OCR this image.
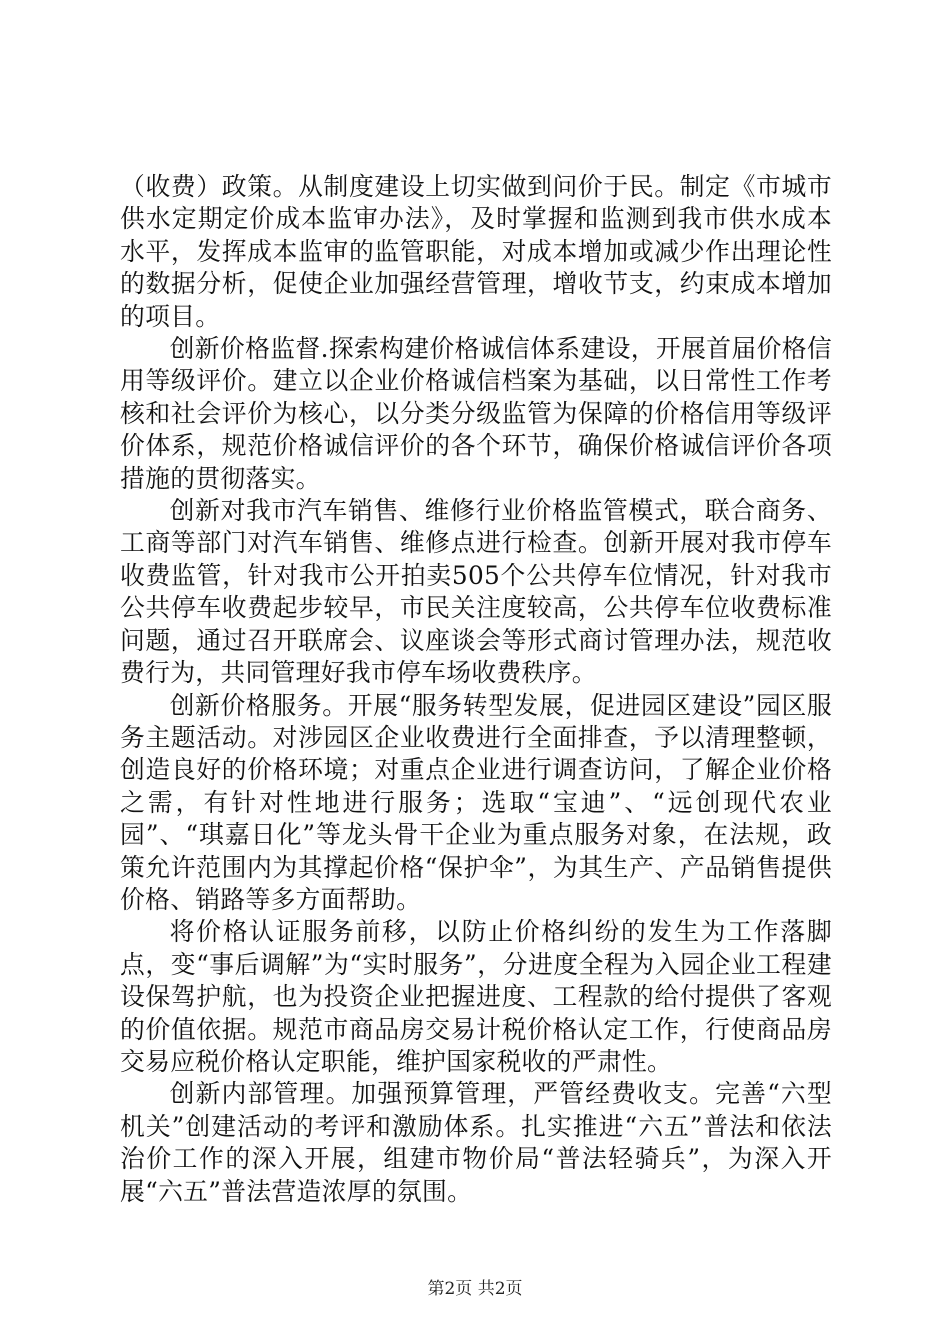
（收费）政策。从制度建设上切实做到问价于民。制定《市城市供水定期定价成本监审办法》，及时掌握和监测到我市供水成本水平，发挥成本监审的监管职能，对成本增加或减少作出理论性的数据分析，促使企业加强经营管理，增收节支，约束成本增加的项目。

创新价格监督.探索构建价格诚信体系建设，开展首届价格信用等级评价。建立以企业价格诚信档案为基础，以日常性工作考核和社会评价为核心，以分类分级监管为保障的价格信用等级评价体系，规范价格诚信评价的各个环节，确保价格诚信评价各项措施的贯彻落实。

创新对我市汽车销售、维修行业价格监管模式，联合商务、工商等部门对汽车销售、维修点进行检查。创新开展对我市停车收费监管，针对我市公开拍卖505个公共停车位情况，针对我市公共停车收费起步较早，市民关注度较高，公共停车位收费标准问题，通过召开联席会、议座谈会等形式商讨管理办法，规范收费行为，共同管理好我市停车场收费秩序。

创新价格服务。开展“服务转型发展，促进园区建设”园区服务主题活动。对涉园区企业收费进行全面排查，予以清理整顿，创造良好的价格环境；对重点企业进行调查访问，了解企业价格之需，有针对性地进行服务；选取“宝迪”、“远创现代农业园”、“琪嘉日化”等龙头骨干企业为重点服务对象，在法规，政策允许范围内为其撑起价格“保护伞”，为其生产、产品销售提供价格、销路等多方面帮助。

将价格认证服务前移，以防止价格纠纷的发生为工作落脚点，变“事后调解”为“实时服务”，分进度全程为入园企业工程建设保驾护航，也为投资企业把握进度、工程款的给付提供了客观的价值依据。规范市商品房交易计税价格认定工作，行使商品房交易应税价格认定职能，维护国家税收的严肃性。

创新内部管理。加强预算管理，严管经费收支。完善“六型机关”创建活动的考评和激励体系。扎实推进“六五”普法和依法治价工作的深入开展，组建市物价局“普法轻骑兵”，为深入开展“六五”普法营造浓厚的氛围。

第2页 共2页
